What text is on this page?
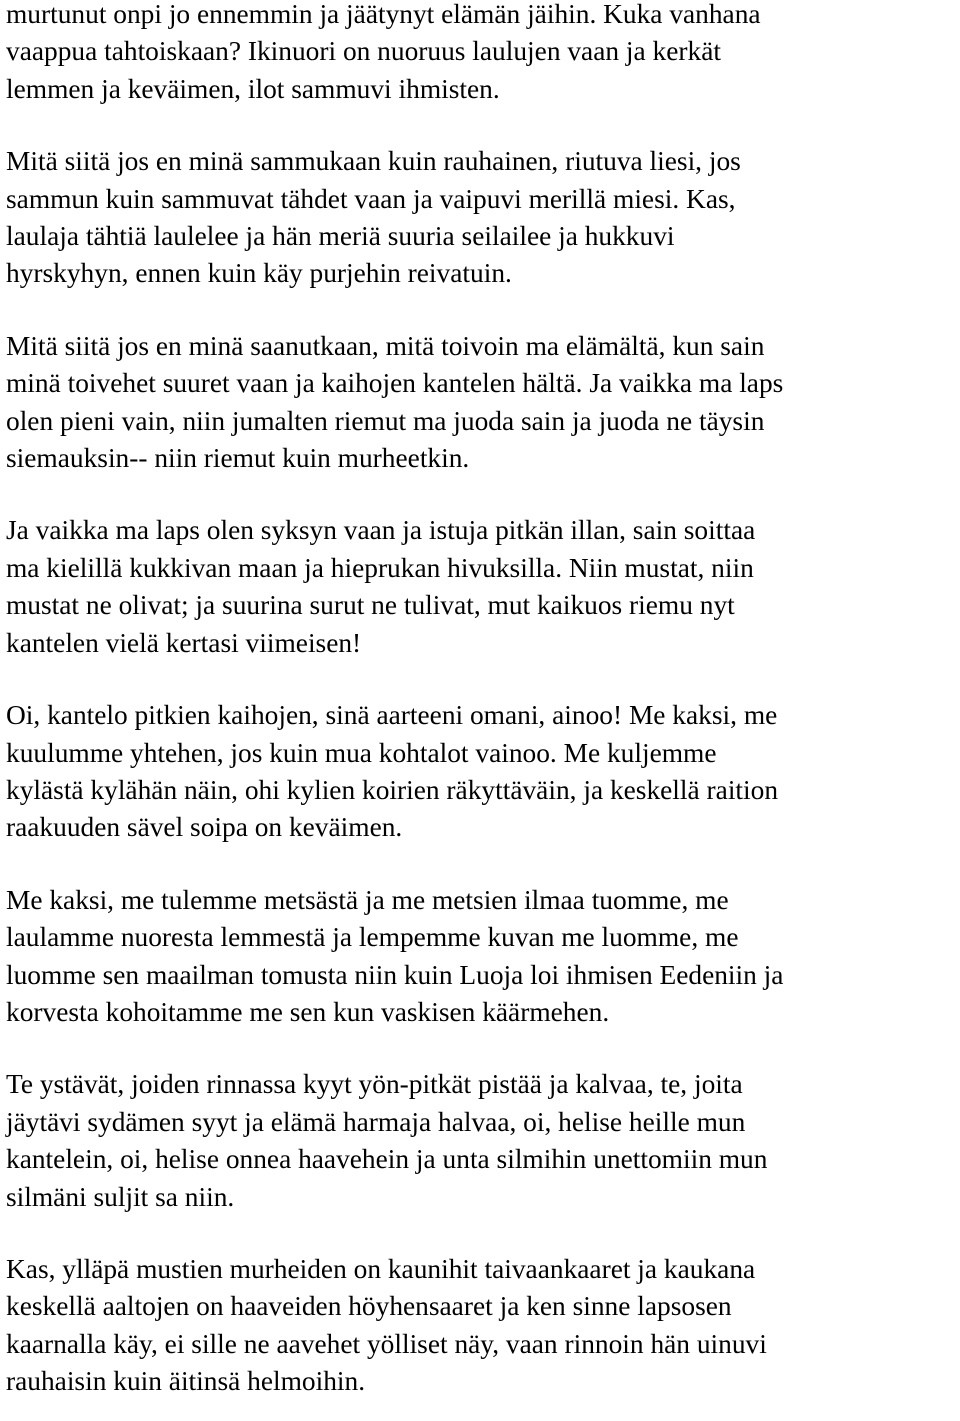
murtunut onpi jo ennemmin ja jäätynyt elämän jäihin. Kuka vanhana
vaappua tahtoiskaan? Ikinuori on nuoruus laulujen vaan ja kerkät
lemmen ja keväimen, ilot sammuvi ihmisten.

Mitä siitä jos en minä sammukaan kuin rauhainen, riutuva liesi, jos
sammun kuin sammuvat tähdet vaan ja vaipuvi merillä miesi. Kas,
laulaja tähtiä laulelee ja hän meriä suuria seilailee ja hukkuvi
hyrskyhyn, ennen kuin käy purjehin reivatuin.

Mitä siitä jos en minä saanutkaan, mitä toivoin ma elämältä, kun sain
minä toivehet suuret vaan ja kaihojen kantelen hältä. Ja vaikka ma laps
olen pieni vain, niin jumalten riemut ma juoda sain ja juoda ne täysin
siemauksin-- niin riemut kuin murheetkin.

Ja vaikka ma laps olen syksyn vaan ja istuja pitkän illan, sain soittaa
ma kielillä kukkivan maan ja hieprukan hivuksilla. Niin mustat, niin
mustat ne olivat; ja suurina surut ne tulivat, mut kaikuos riemu nyt
kantelen vielä kertasi viimeisen!

Oi, kantelo pitkien kaihojen, sinä aarteeni omani, ainoo! Me kaksi, me
kuulumme yhtehen, jos kuin mua kohtalot vainoo. Me kuljemme
kylästä kylähän näin, ohi kylien koirien räkyttäväin, ja keskellä raition
raakuuden sävel soipa on keväimen.

Me kaksi, me tulemme metsästä ja me metsien ilmaa tuomme, me
laulamme nuoresta lemmestä ja lempemme kuvan me luomme, me
luomme sen maailman tomusta niin kuin Luoja loi ihmisen Eedeniin ja
korvesta kohoitamme me sen kun vaskisen käärmehen.

Te ystävät, joiden rinnassa kyyt yön-pitkät pistää ja kalvaa, te, joita
jäytävi sydämen syyt ja elämä harmaja halvaa, oi, helise heille mun
kantelein, oi, helise onnea haavehein ja unta silmihin unettomiin mun
silmäni suljit sa niin.

Kas, ylläpä mustien murheiden on kaunihit taivaankaaret ja kaukana
keskellä aaltojen on haaveiden höyhensaaret ja ken sinne lapsosen
kaarnalla käy, ei sille ne aavehet yölliset näy, vaan rinnoin hän uinuvi
rauhaisin kuin äitinsä helmoihin.
